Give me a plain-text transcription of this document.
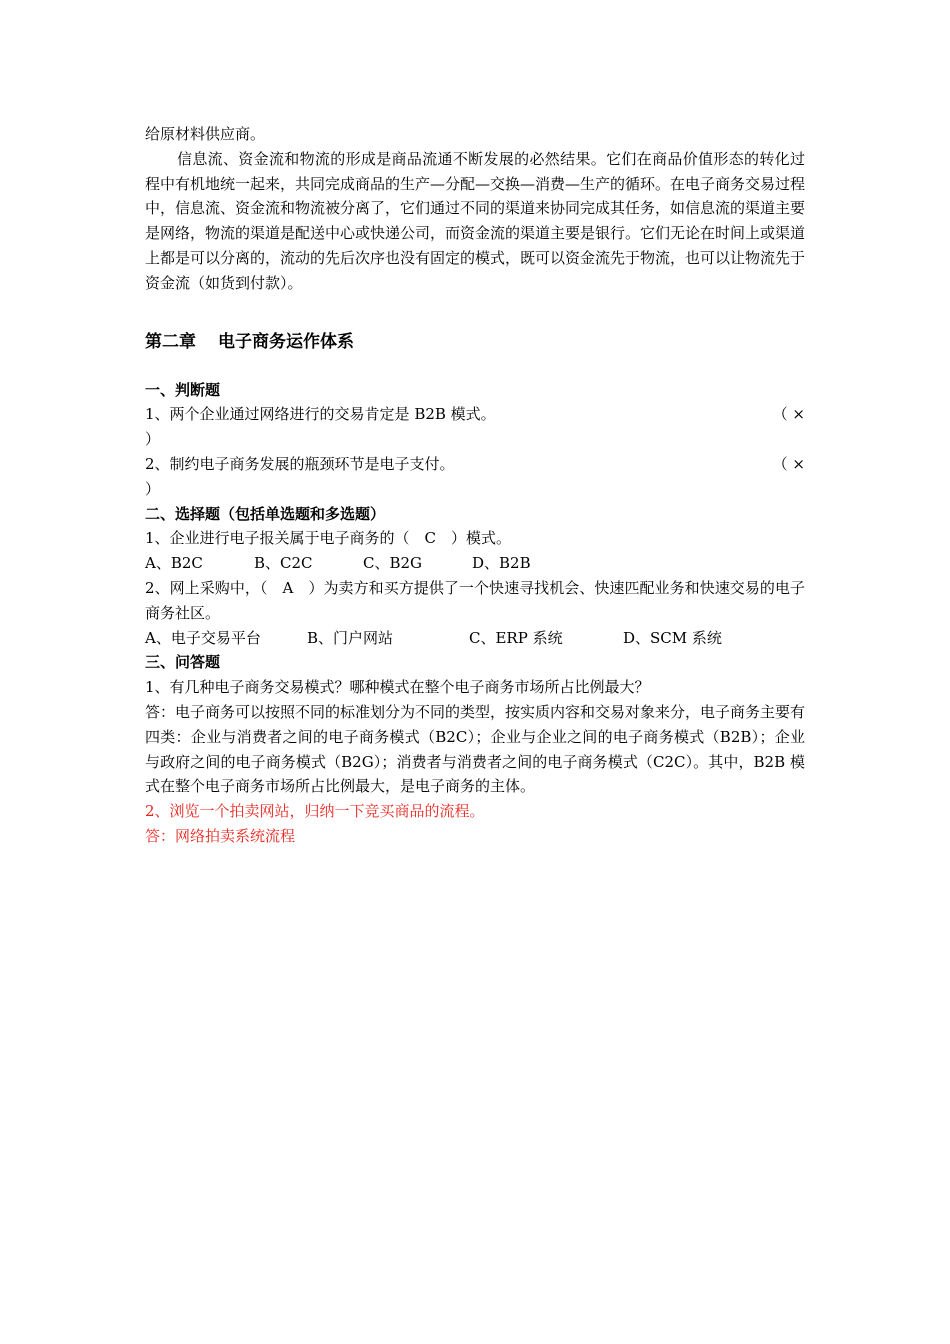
给原材料供应商。

信息流、资金流和物流的形成是商品流通不断发展的必然结果。它们在商品价值形态的转化过程中有机地统一起来，共同完成商品的生产—分配—交换—消费—生产的循环。在电子商务交易过程中，信息流、资金流和物流被分离了，它们通过不同的渠道来协同完成其任务，如信息流的渠道主要是网络，物流的渠道是配送中心或快递公司，而资金流的渠道主要是银行。它们无论在时间上或渠道上都是可以分离的，流动的先后次序也没有固定的模式，既可以资金流先于物流，也可以让物流先于资金流（如货到付款）。

第二章 电子商务运作体系

一、判断题

1、两个企业通过网络进行的交易肯定是 B2B 模式。	（ ×

）

2、制约电子商务发展的瓶颈环节是电子支付。	（ ×

）

二、选择题（包括单选题和多选题）

1、企业进行电子报关属于电子商务的（　C　）模式。

A、B2C	B、C2C	C、B2G	D、B2B

2、网上采购中，（　A　）为卖方和买方提供了一个快速寻找机会、快速匹配业务和快速交易的电子商务社区。

A、电子交易平台	B、门户网站	C、ERP 系统	D、SCM 系统

三、问答题

1、有几种电子商务交易模式？哪种模式在整个电子商务市场所占比例最大？

答：电子商务可以按照不同的标准划分为不同的类型，按实质内容和交易对象来分，电子商务主要有四类：企业与消费者之间的电子商务模式（B2C）；企业与企业之间的电子商务模式（B2B）；企业与政府之间的电子商务模式（B2G）；消费者与消费者之间的电子商务模式（C2C）。其中，B2B 模式在整个电子商务市场所占比例最大，是电子商务的主体。

2、浏览一个拍卖网站，归纳一下竞买商品的流程。

答：网络拍卖系统流程
